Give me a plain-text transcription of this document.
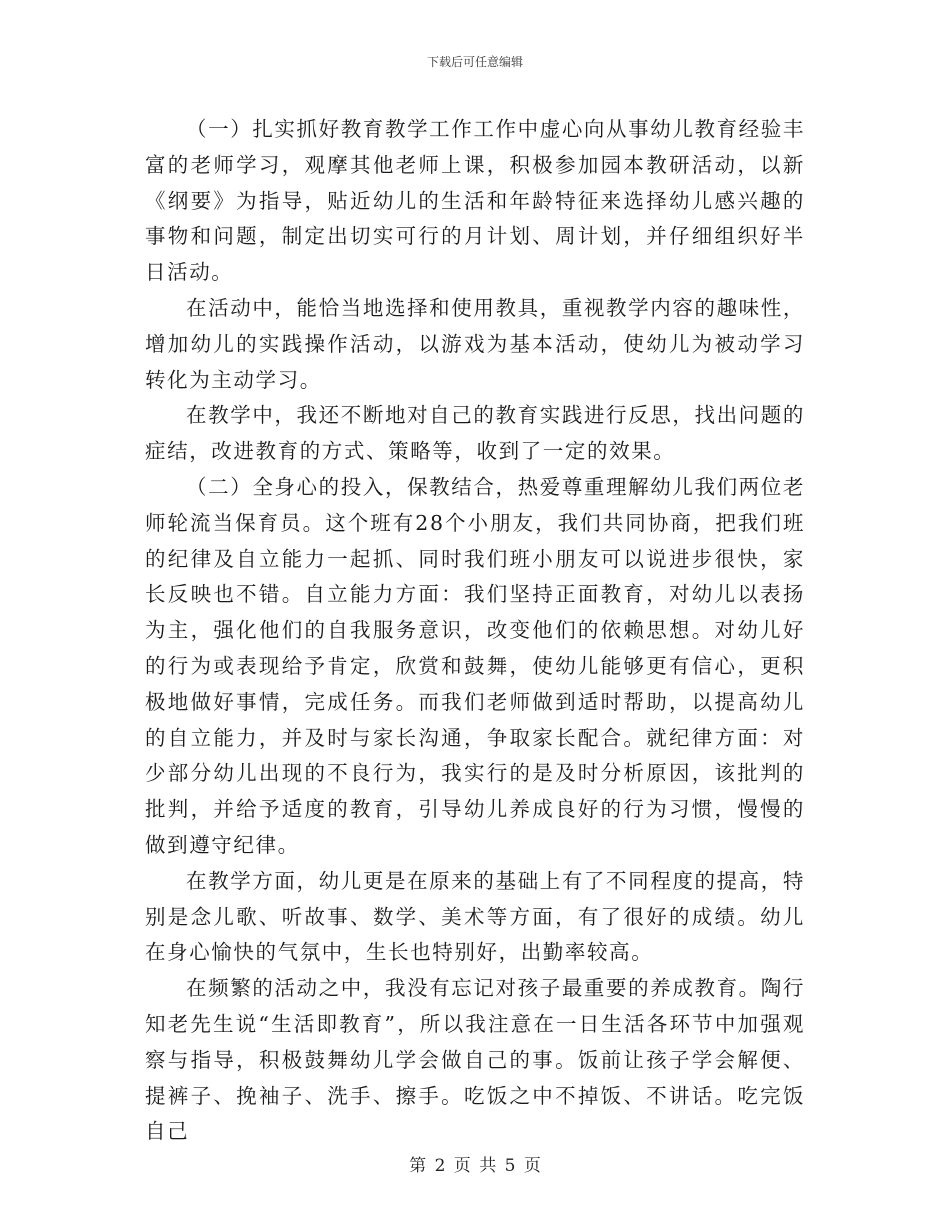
下载后可任意编辑

（一）扎实抓好教育教学工作工作中虚心向从事幼儿教育经验丰富的老师学习，观摩其他老师上课，积极参加园本教研活动，以新《纲要》为指导，贴近幼儿的生活和年龄特征来选择幼儿感兴趣的事物和问题，制定出切实可行的月计划、周计划，并仔细组织好半日活动。

在活动中，能恰当地选择和使用教具，重视教学内容的趣味性，增加幼儿的实践操作活动，以游戏为基本活动，使幼儿为被动学习转化为主动学习。

在教学中，我还不断地对自己的教育实践进行反思，找出问题的症结，改进教育的方式、策略等，收到了一定的效果。

（二）全身心的投入，保教结合，热爱尊重理解幼儿我们两位老师轮流当保育员。这个班有28个小朋友，我们共同协商，把我们班的纪律及自立能力一起抓、同时我们班小朋友可以说进步很快，家长反映也不错。自立能力方面：我们坚持正面教育，对幼儿以表扬为主，强化他们的自我服务意识，改变他们的依赖思想。对幼儿好的行为或表现给予肯定，欣赏和鼓舞，使幼儿能够更有信心，更积极地做好事情，完成任务。而我们老师做到适时帮助，以提高幼儿的自立能力，并及时与家长沟通，争取家长配合。就纪律方面：对少部分幼儿出现的不良行为，我实行的是及时分析原因，该批判的批判，并给予适度的教育，引导幼儿养成良好的行为习惯，慢慢的做到遵守纪律。

在教学方面，幼儿更是在原来的基础上有了不同程度的提高，特别是念儿歌、听故事、数学、美术等方面，有了很好的成绩。幼儿在身心愉快的气氛中，生长也特别好，出勤率较高。

在频繁的活动之中，我没有忘记对孩子最重要的养成教育。陶行知老先生说“生活即教育”，所以我注意在一日生活各环节中加强观察与指导，积极鼓舞幼儿学会做自己的事。饭前让孩子学会解便、提裤子、挽袖子、洗手、擦手。吃饭之中不掉饭、不讲话。吃完饭自己

第 2 页 共 5 页
